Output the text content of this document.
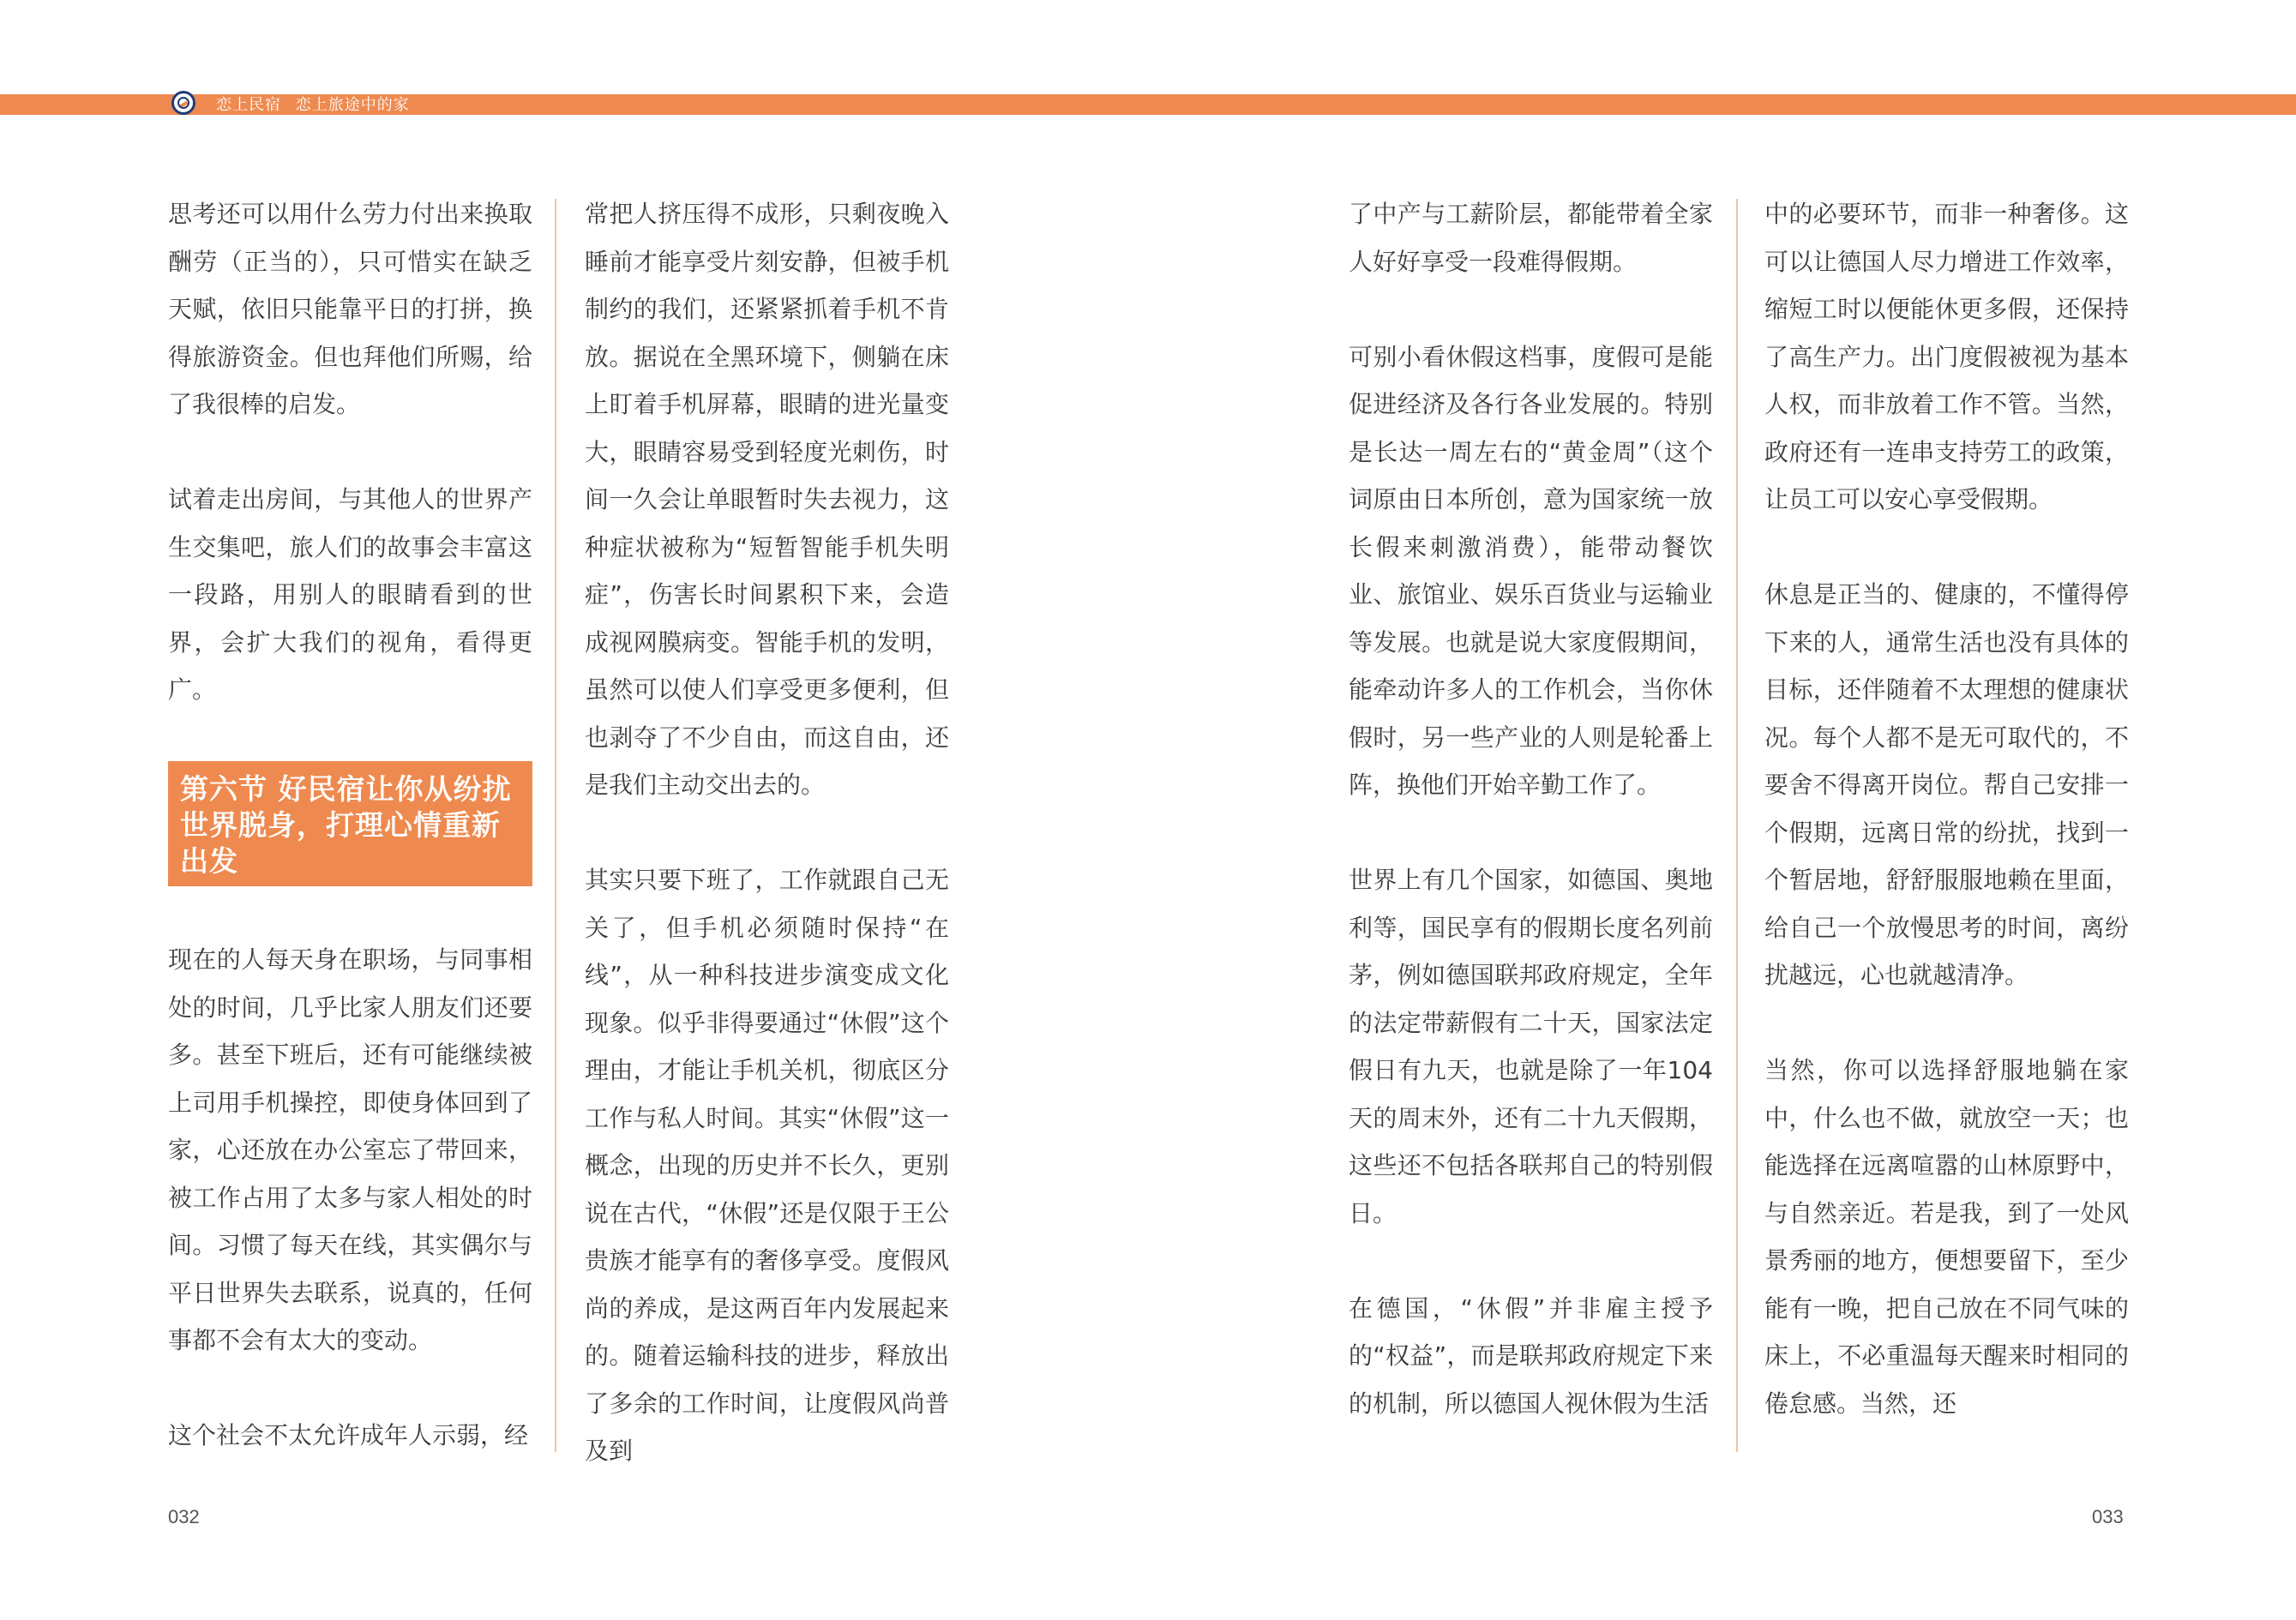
恋上民宿 恋上旅途中的家

思考还可以用什么劳力付出来换取酬劳（正当的），只可惜实在缺乏天赋，依旧只能靠平日的打拼，换得旅游资金。但也拜他们所赐，给了我很棒的启发。

试着走出房间，与其他人的世界产生交集吧，旅人们的故事会丰富这一段路，用别人的眼睛看到的世界，会扩大我们的视角，看得更广。

第六节 好民宿让你从纷扰世界脱身，打理心情重新出发

现在的人每天身在职场，与同事相处的时间，几乎比家人朋友们还要多。甚至下班后，还有可能继续被上司用手机操控，即使身体回到了家，心还放在办公室忘了带回来，被工作占用了太多与家人相处的时间。习惯了每天在线，其实偶尔与平日世界失去联系，说真的，任何事都不会有太大的变动。

这个社会不太允许成年人示弱，经

常把人挤压得不成形，只剩夜晚入睡前才能享受片刻安静，但被手机制约的我们，还紧紧抓着手机不肯放。据说在全黑环境下，侧躺在床上盯着手机屏幕，眼睛的进光量变大，眼睛容易受到轻度光刺伤，时间一久会让单眼暂时失去视力，这种症状被称为“短暂智能手机失明症”，伤害长时间累积下来，会造成视网膜病变。智能手机的发明，虽然可以使人们享受更多便利，但也剥夺了不少自由，而这自由，还是我们主动交出去的。

其实只要下班了，工作就跟自己无关了，但手机必须随时保持“在线”，从一种科技进步演变成文化现象。似乎非得要通过“休假”这个理由，才能让手机关机，彻底区分工作与私人时间。其实“休假”这一概念，出现的历史并不长久，更别说在古代，“休假”还是仅限于王公贵族才能享有的奢侈享受。度假风尚的养成，是这两百年内发展起来的。随着运输科技的进步，释放出了多余的工作时间，让度假风尚普及到

了中产与工薪阶层，都能带着全家人好好享受一段难得假期。

可别小看休假这档事，度假可是能促进经济及各行各业发展的。特别是长达一周左右的“黄金周”（这个词原由日本所创，意为国家统一放长假来刺激消费），能带动餐饮业、旅馆业、娱乐百货业与运输业等发展。也就是说大家度假期间，能牵动许多人的工作机会，当你休假时，另一些产业的人则是轮番上阵，换他们开始辛勤工作了。

世界上有几个国家，如德国、奥地利等，国民享有的假期长度名列前茅，例如德国联邦政府规定，全年的法定带薪假有二十天，国家法定假日有九天，也就是除了一年104天的周末外，还有二十九天假期，这些还不包括各联邦自己的特别假日。

在德国，“休假”并非雇主授予的“权益”，而是联邦政府规定下来的机制，所以德国人视休假为生活

中的必要环节，而非一种奢侈。这可以让德国人尽力增进工作效率，缩短工时以便能休更多假，还保持了高生产力。出门度假被视为基本人权，而非放着工作不管。当然，政府还有一连串支持劳工的政策，让员工可以安心享受假期。

休息是正当的、健康的，不懂得停下来的人，通常生活也没有具体的目标，还伴随着不太理想的健康状况。每个人都不是无可取代的，不要舍不得离开岗位。帮自己安排一个假期，远离日常的纷扰，找到一个暂居地，舒舒服服地赖在里面，给自己一个放慢思考的时间，离纷扰越远，心也就越清净。

当然，你可以选择舒服地躺在家中，什么也不做，就放空一天；也能选择在远离喧嚣的山林原野中，与自然亲近。若是我，到了一处风景秀丽的地方，便想要留下，至少能有一晚，把自己放在不同气味的床上，不必重温每天醒来时相同的倦怠感。当然，还

032	033
